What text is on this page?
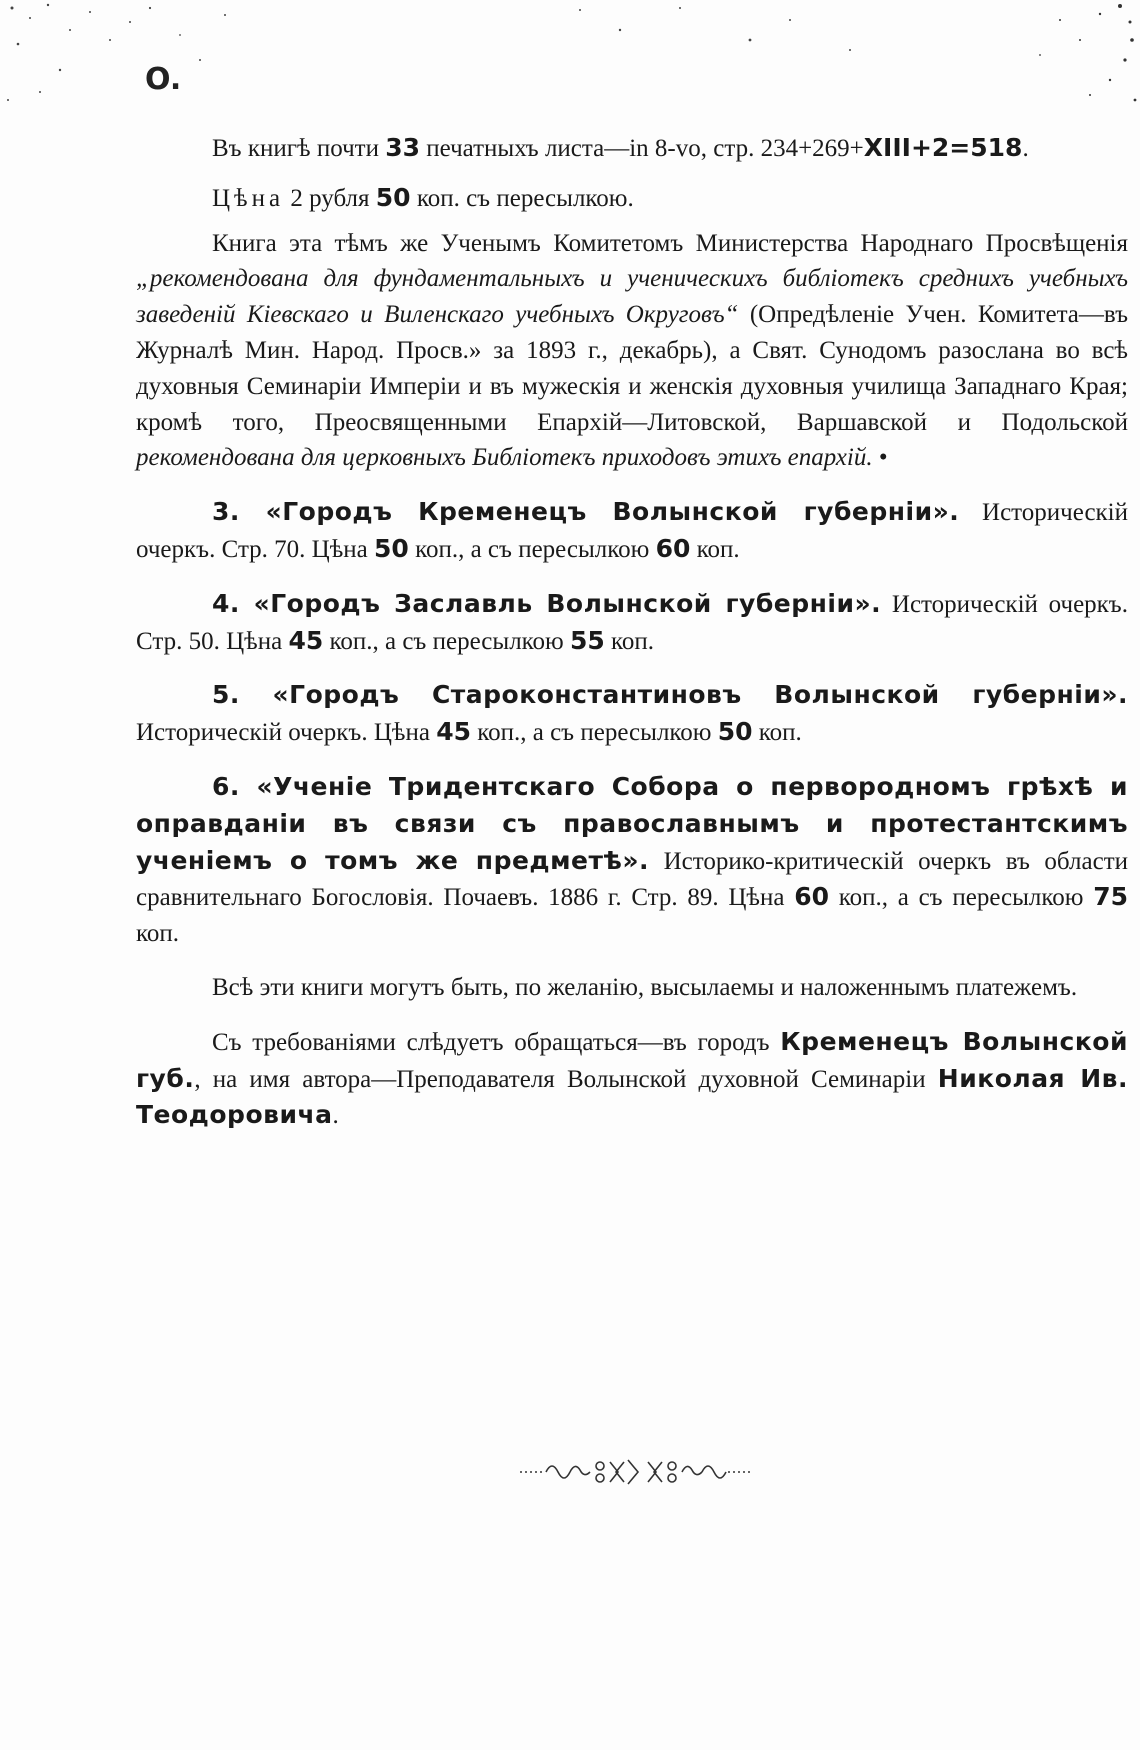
O.

Въ книгѣ почти 33 печатныхъ листа—in 8-vo, стр. 234+269+XIII+2=518.

Цѣна 2 рубля 50 коп. съ пересылкою.

Книга эта тѣмъ же Ученымъ Комитетомъ Министерства Народнаго Просвѣщенія „рекомендована для фундаментальныхъ и ученическихъ библіотекъ среднихъ учебныхъ заведеній Кіевскаго и Виленскаго учебныхъ Округовъ“ (Опредѣленіе Учен. Комитета—въ Журналѣ Мин. Народ. Просв.» за 1893 г., декабрь), а Свят. Сунодомъ разослана во всѣ духовныя Семинаріи Имперіи и въ мужескія и женскія духовныя училища Западнаго Края; кромѣ того, Преосвященными Епархій—Литовской, Варшавской и Подольской рекомендована для церковныхъ Библіотекъ приходовъ этихъ епархій. •

3. «Городъ Кременецъ Волынской губерніи». Историческій очеркъ. Стр. 70. Цѣна 50 коп., а съ пересылкою 60 коп.

4. «Городъ Заславль Волынской губерніи». Историческій очеркъ. Стр. 50. Цѣна 45 коп., а съ пересылкою 55 коп.

5. «Городъ Староконстантиновъ Волынской губерніи». Историческій очеркъ. Цѣна 45 коп., а съ пересылкою 50 коп.

6. «Ученіе Тридентскаго Собора о первородномъ грѣхѣ и оправданіи въ связи съ православнымъ и протестантскимъ ученіемъ о томъ же предметѣ». Историко-критическій очеркъ въ области сравнительнаго Богословія. Почаевъ. 1886 г. Стр. 89. Цѣна 60 коп., а съ пересылкою 75 коп.

Всѣ эти книги могутъ быть, по желанію, высылаемы и наложеннымъ платежемъ.

Съ требованіями слѣдуетъ обращаться—въ городъ Кременецъ Волынской губ., на имя автора—Преподавателя Волынской духовной Семинаріи Николая Ив. Теодоровича.
